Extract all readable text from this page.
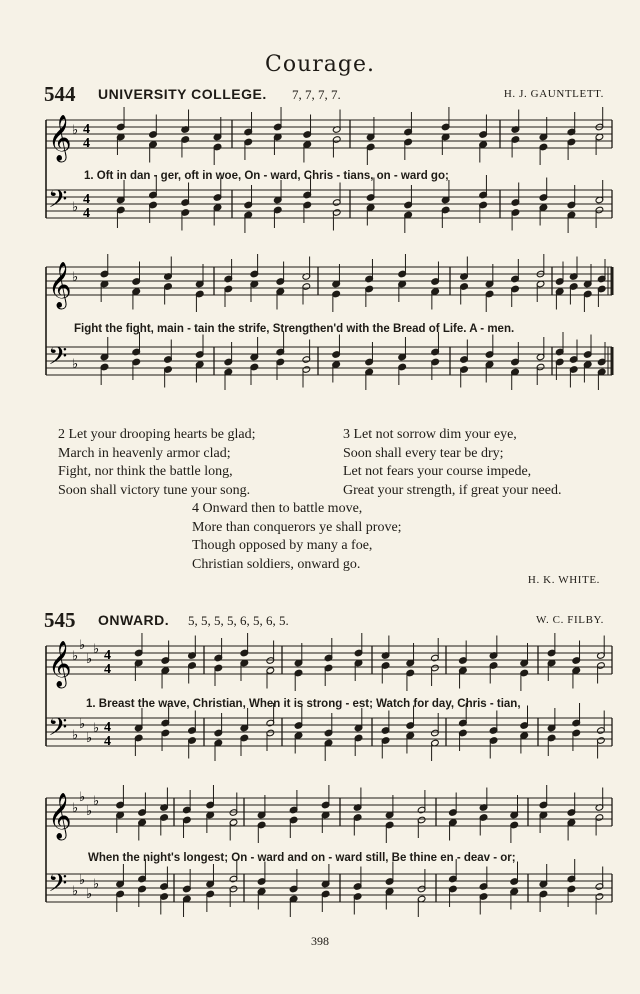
Courage.
544 UNIVERSITY COLLEGE. 7, 7, 7, 7.	H. J. GAUNTLETT.
𝄞
𝄢
♭
♭
4
4
4
4
1. Oft in dan - ger, oft in woe, On - ward, Chris - tians, on - ward go;
𝄞
𝄢
♭
♭
Fight the fight, main - tain the strife, Strengthen'd with the Bread of Life. A - men.
2 Let your drooping hearts be glad;
March in heavenly armor clad;
Fight, nor think the battle long,
Soon shall victory tune your song.
3 Let not sorrow dim your eye,
Soon shall every tear be dry;
Let not fears your course impede,
Great your strength, if great your need.
4 Onward then to battle move,
More than conquerors ye shall prove;
Though opposed by many a foe,
Christian soldiers, onward go.
H. K. WHITE.
545 ONWARD. 5, 5, 5, 5, 6, 5, 6, 5.	W. C. FILBY.
𝄞
𝄢
♭
♭
♭
♭
♭
♭
♭
♭
4
4
4
4
1. Breast the wave, Christian, When it is strong - est; Watch for day, Chris - tian,
𝄞
𝄢
♭
♭
♭
♭
♭
♭
♭
♭
When the night's longest; On - ward and on - ward still, Be thine en - deav - or;
398
